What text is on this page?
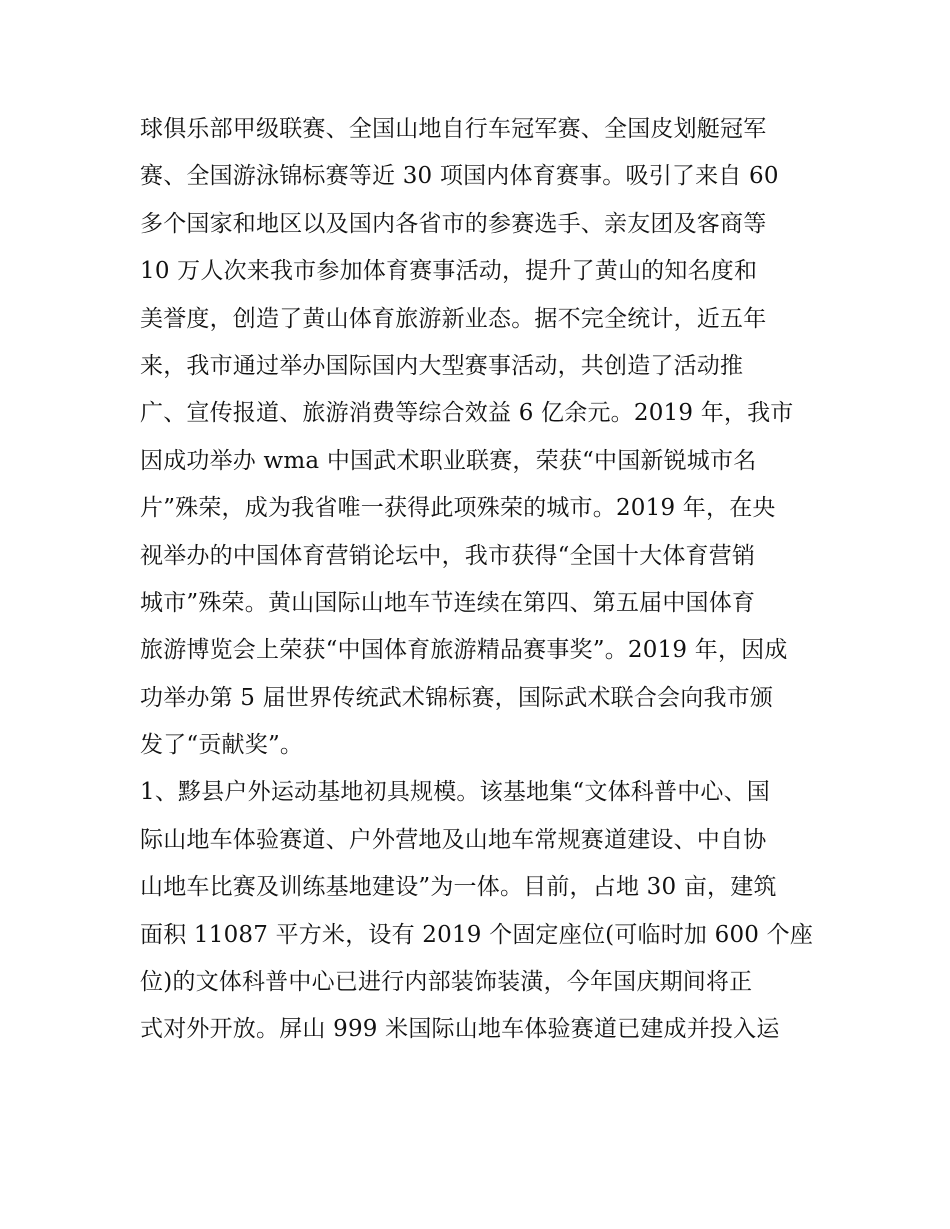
球俱乐部甲级联赛、全国山地自行车冠军赛、全国皮划艇冠军
赛、全国游泳锦标赛等近 30 项国内体育赛事。吸引了来自 60
多个国家和地区以及国内各省市的参赛选手、亲友团及客商等
10 万人次来我市参加体育赛事活动，提升了黄山的知名度和
美誉度，创造了黄山体育旅游新业态。据不完全统计，近五年
来，我市通过举办国际国内大型赛事活动，共创造了活动推
广、宣传报道、旅游消费等综合效益 6 亿余元。2019 年，我市
因成功举办 wma 中国武术职业联赛，荣获“中国新锐城市名
片”殊荣，成为我省唯一获得此项殊荣的城市。2019 年，在央
视举办的中国体育营销论坛中，我市获得“全国十大体育营销
城市”殊荣。黄山国际山地车节连续在第四、第五届中国体育
旅游博览会上荣获“中国体育旅游精品赛事奖”。2019 年，因成
功举办第 5 届世界传统武术锦标赛，国际武术联合会向我市颁
发了“贡献奖”。
1、黟县户外运动基地初具规模。该基地集“文体科普中心、国
际山地车体验赛道、户外营地及山地车常规赛道建设、中自协
山地车比赛及训练基地建设”为一体。目前，占地 30 亩，建筑
面积 11087 平方米，设有 2019 个固定座位(可临时加 600 个座
位)的文体科普中心已进行内部装饰装潢，今年国庆期间将正
式对外开放。屏山 999 米国际山地车体验赛道已建成并投入运
